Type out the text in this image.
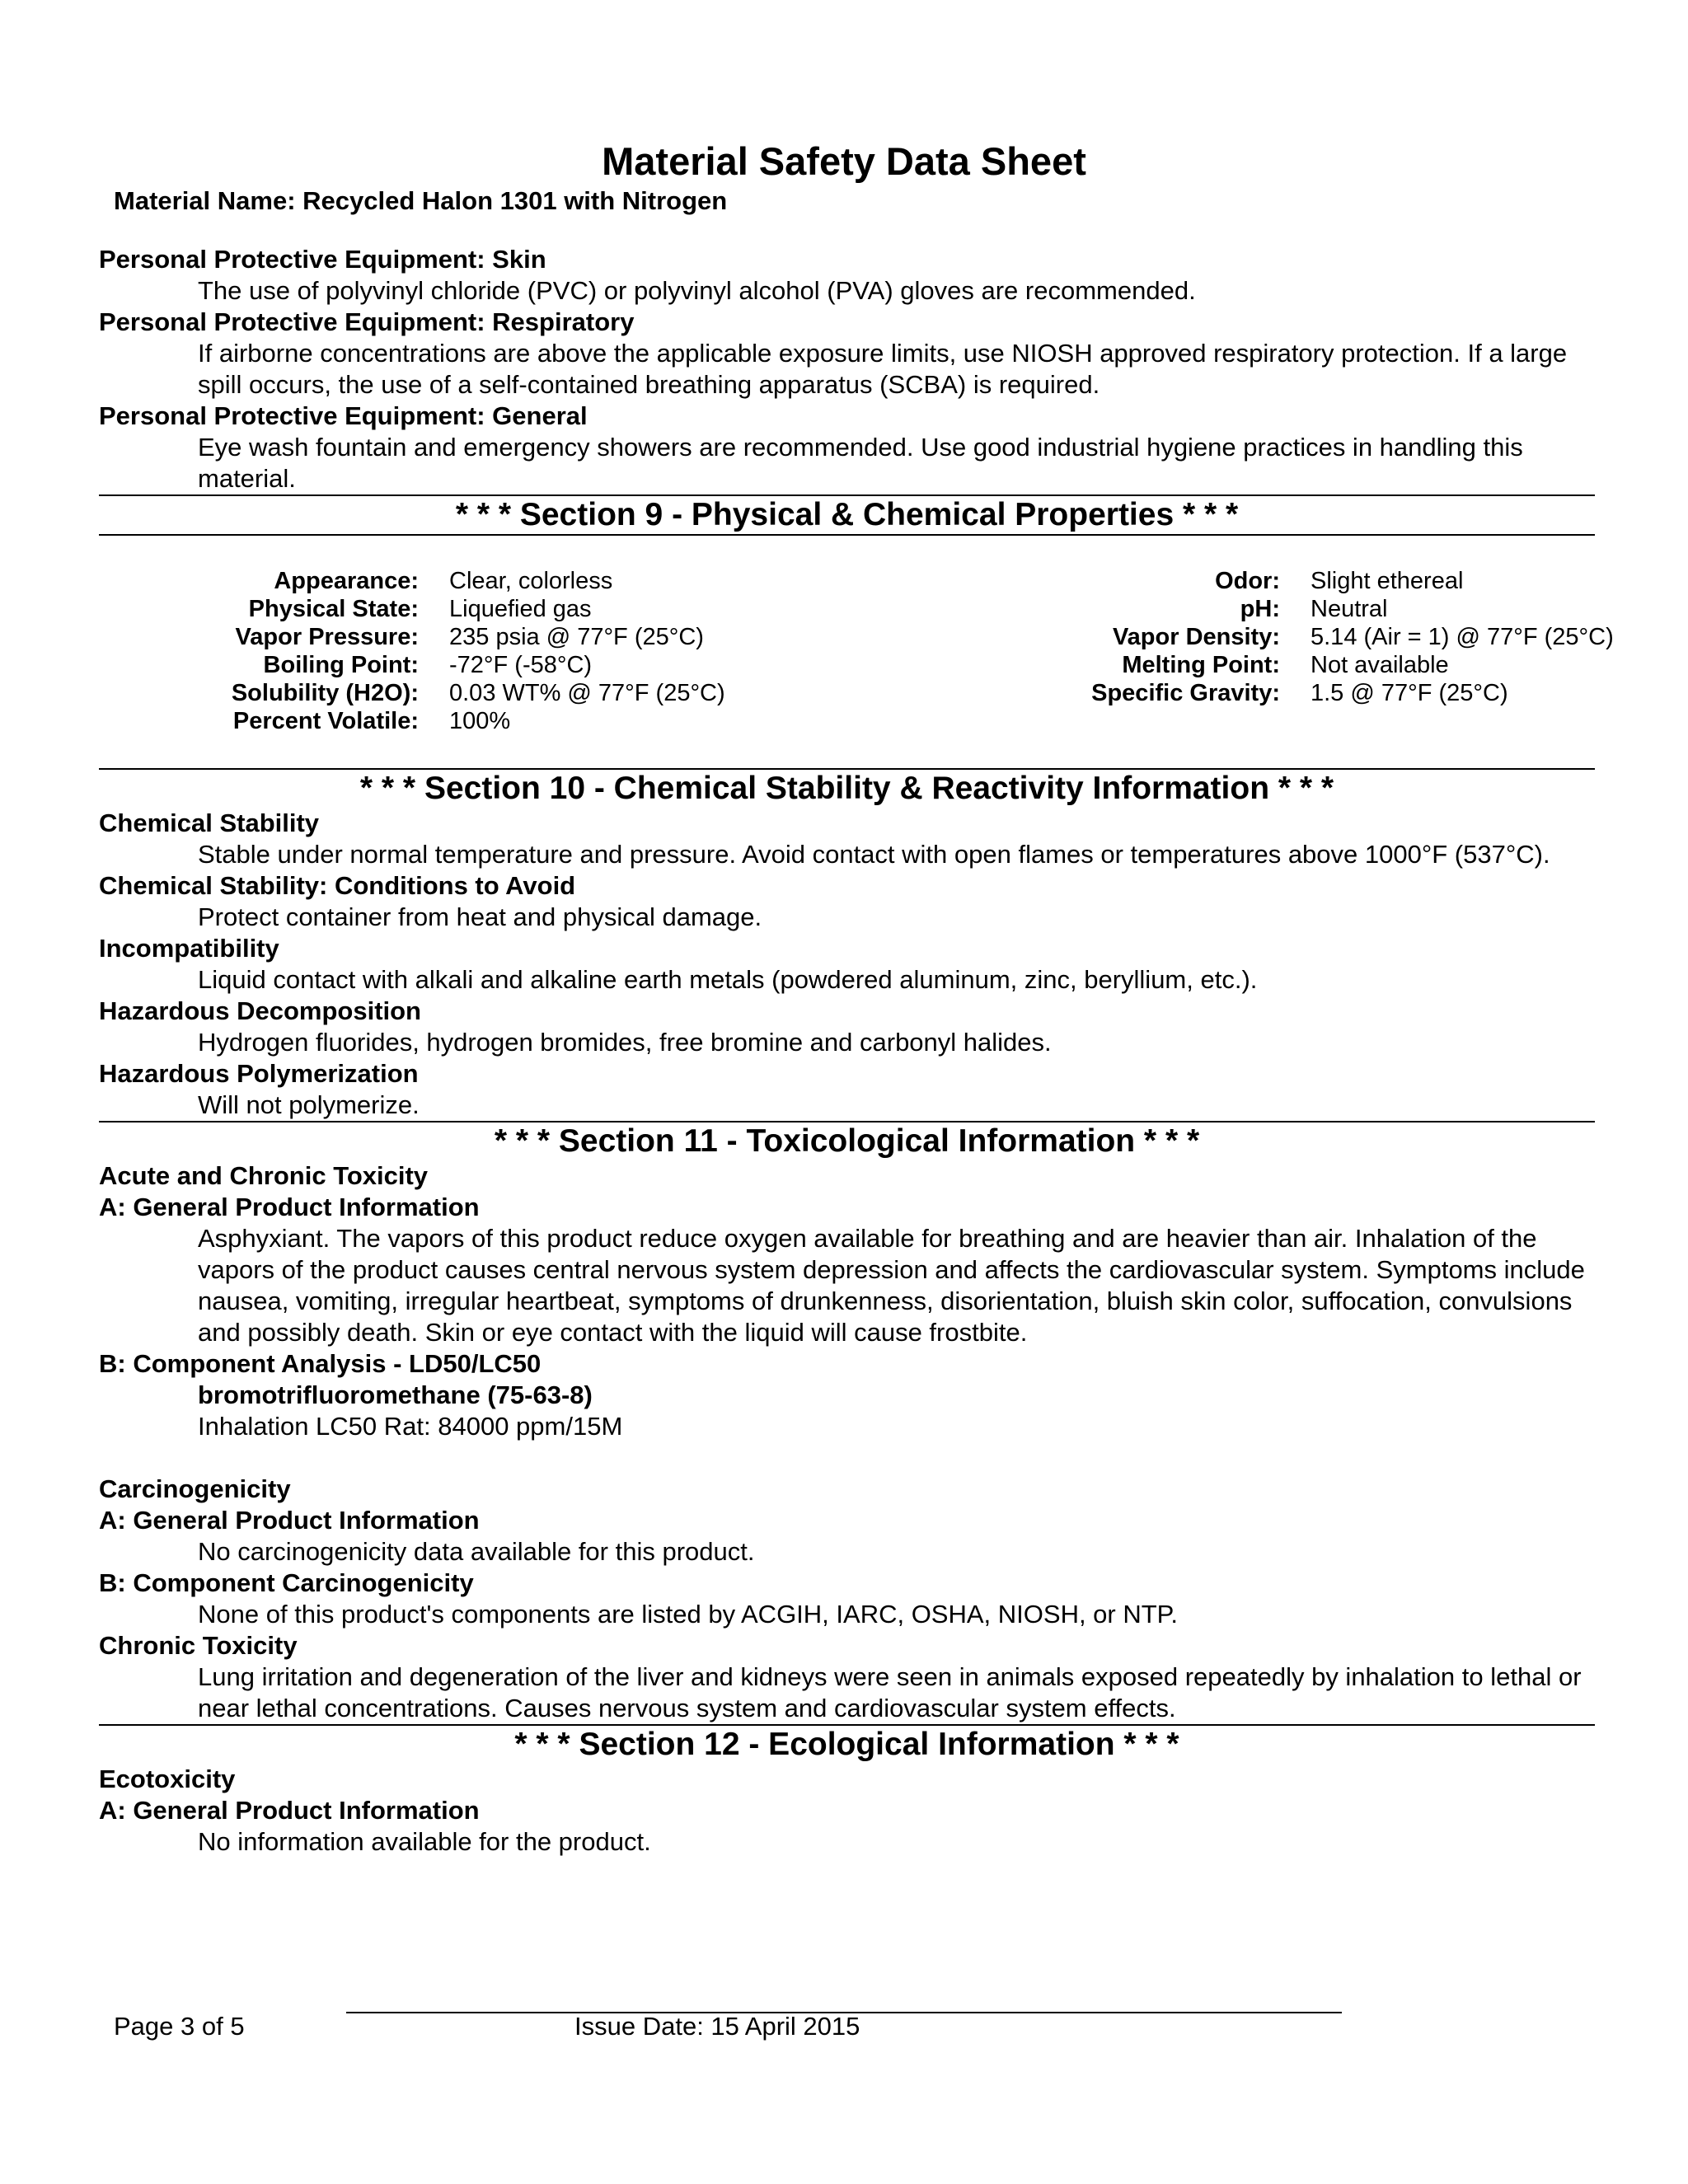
Material Safety Data Sheet
Material Name: Recycled Halon 1301 with Nitrogen

Personal Protective Equipment: Skin

The use of polyvinyl chloride (PVC) or polyvinyl alcohol (PVA) gloves are recommended.

Personal Protective Equipment: Respiratory

If airborne concentrations are above the applicable exposure limits, use NIOSH approved respiratory protection. If a large spill occurs, the use of a self-contained breathing apparatus (SCBA) is required.

Personal Protective Equipment: General

Eye wash fountain and emergency showers are recommended. Use good industrial hygiene practices in handling this material.

* * * Section 9 - Physical & Chemical Properties * * *
Appearance:	Clear, colorless	Odor:	Slight ethereal
Physical State:	Liquefied gas	pH:	Neutral
Vapor Pressure:	235 psia @ 77°F (25°C)	Vapor Density:	5.14 (Air = 1) @ 77°F (25°C)
Boiling Point:	-72°F (-58°C)	Melting Point:	Not available
Solubility (H2O):	0.03 WT% @ 77°F (25°C)	Specific Gravity:	1.5 @ 77°F (25°C)
Percent Volatile:	100%
* * * Section 10 - Chemical Stability & Reactivity Information * * *

Chemical Stability

Stable under normal temperature and pressure. Avoid contact with open flames or temperatures above 1000°F (537°C).

Chemical Stability: Conditions to Avoid

Protect container from heat and physical damage.

Incompatibility

Liquid contact with alkali and alkaline earth metals (powdered aluminum, zinc, beryllium, etc.).

Hazardous Decomposition

Hydrogen fluorides, hydrogen bromides, free bromine and carbonyl halides.

Hazardous Polymerization

Will not polymerize.

* * * Section 11 - Toxicological Information * * *

Acute and Chronic Toxicity

A: General Product Information

Asphyxiant. The vapors of this product reduce oxygen available for breathing and are heavier than air. Inhalation of the vapors of the product causes central nervous system depression and affects the cardiovascular system. Symptoms include nausea, vomiting, irregular heartbeat, symptoms of drunkenness, disorientation, bluish skin color, suffocation, convulsions and possibly death. Skin or eye contact with the liquid will cause frostbite.

B: Component Analysis - LD50/LC50

bromotrifluoromethane (75-63-8)

Inhalation LC50 Rat: 84000 ppm/15M

Carcinogenicity

A: General Product Information

No carcinogenicity data available for this product.

B: Component Carcinogenicity

None of this product's components are listed by ACGIH, IARC, OSHA, NIOSH, or NTP.

Chronic Toxicity

Lung irritation and degeneration of the liver and kidneys were seen in animals exposed repeatedly by inhalation to lethal or near lethal concentrations. Causes nervous system and cardiovascular system effects.

* * * Section 12 - Ecological Information * * *

Ecotoxicity

A: General Product Information

No information available for the product.

Page 3 of 5	Issue Date: 15 April 2015
